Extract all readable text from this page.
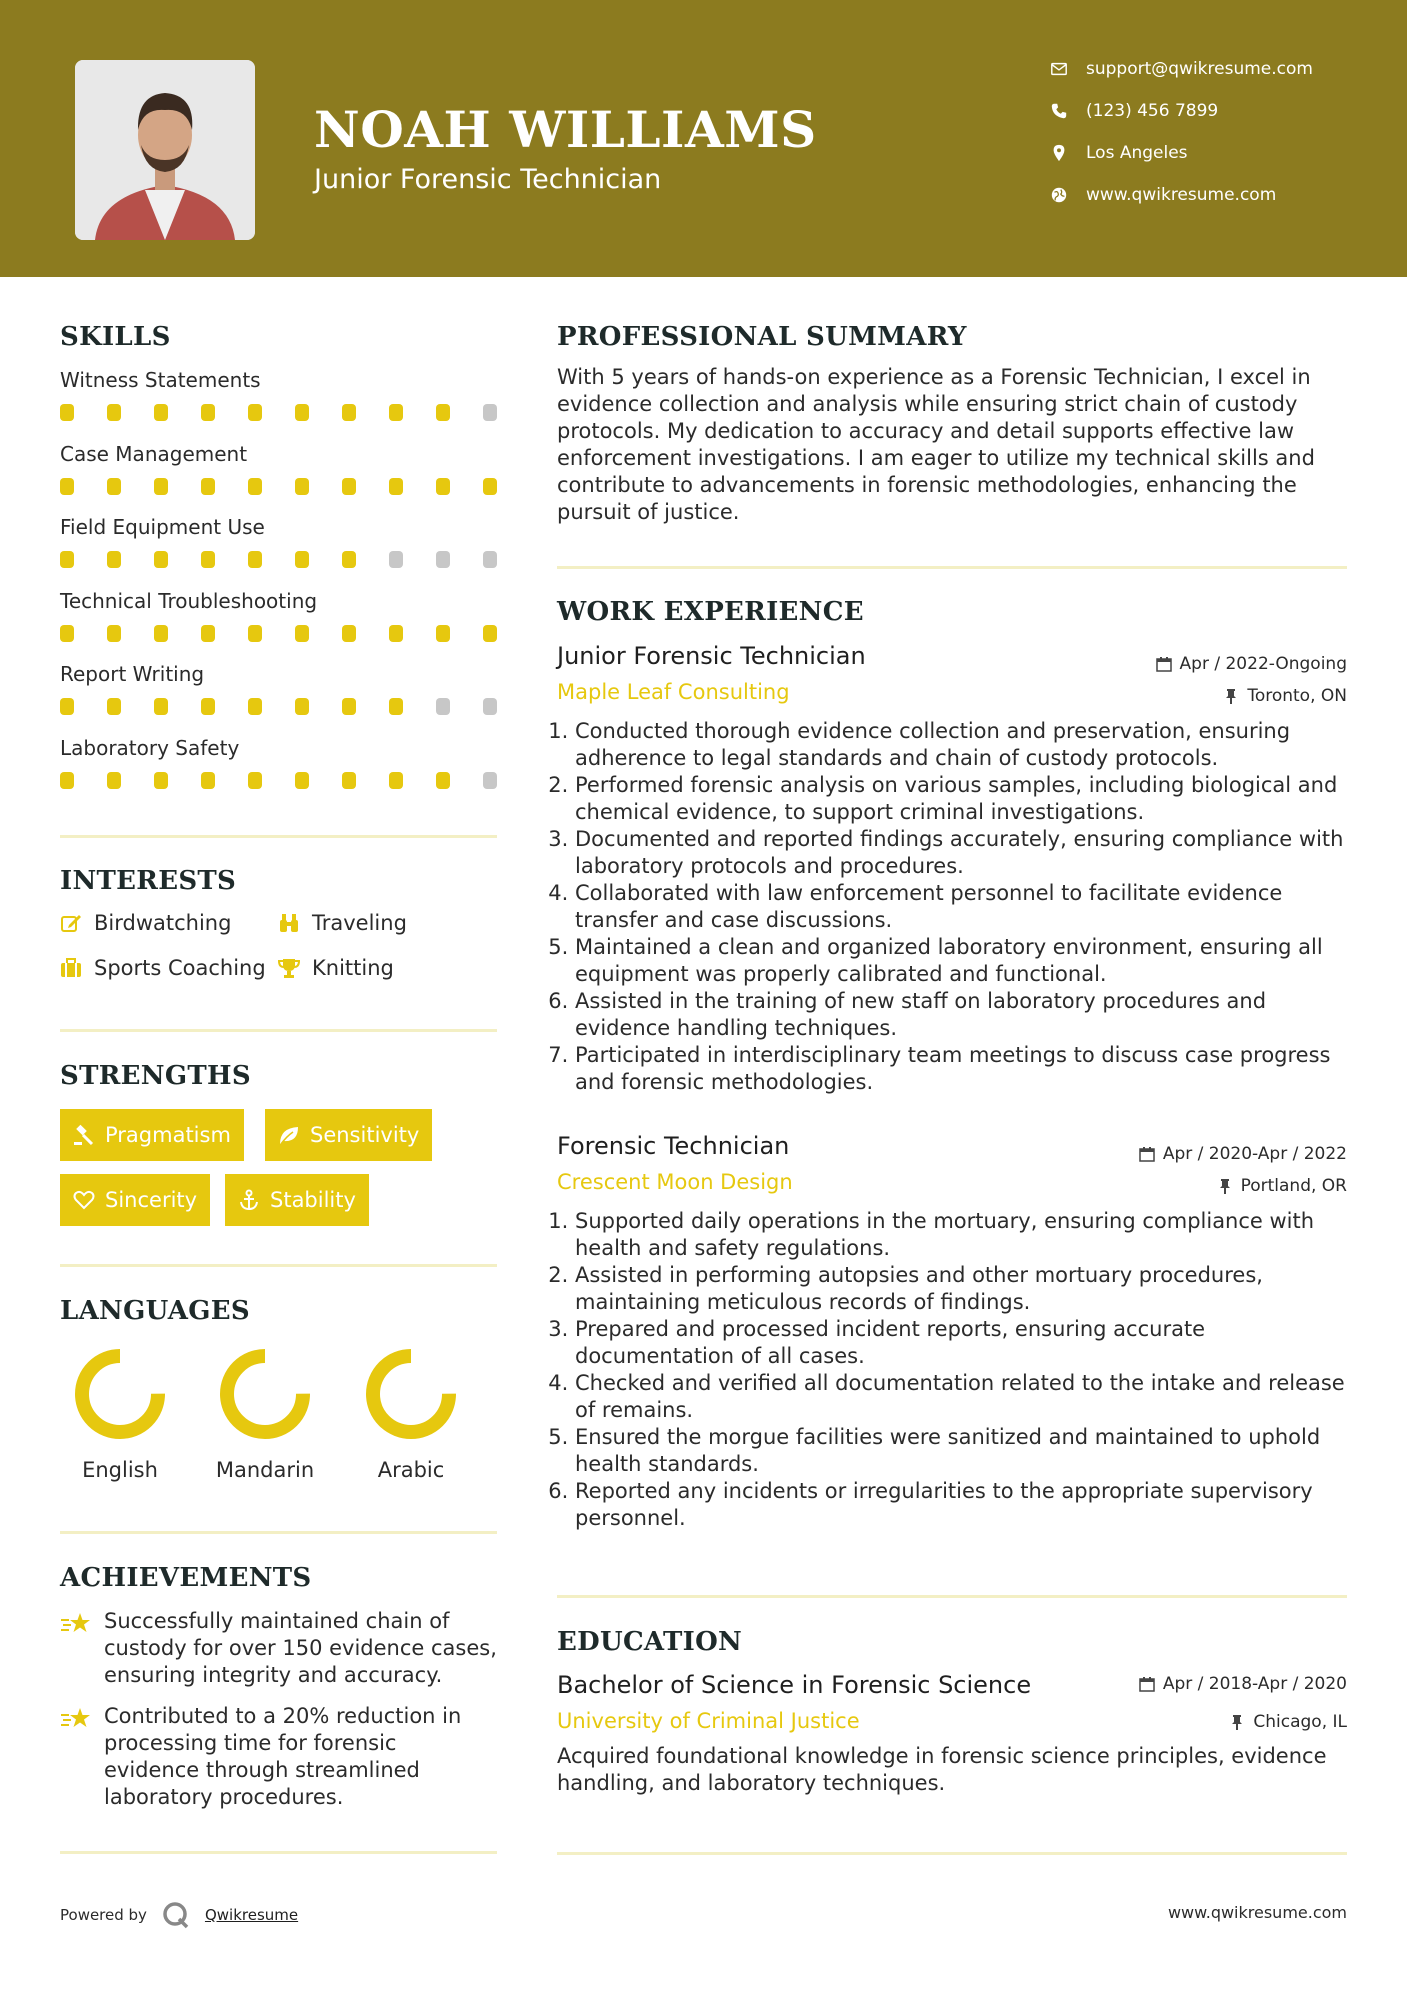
NOAH WILLIAMS
Junior Forensic Technician
support@qwikresume.com
(123) 456 7899
Los Angeles
www.qwikresume.com
SKILLS
Witness Statements
Case Management
Field Equipment Use
Technical Troubleshooting
Report Writing
Laboratory Safety
INTERESTS
Birdwatching	Traveling
Sports Coaching Knitting
STRENGTHS
Pragmatism	Sensitivity
Sincerity	Stability
LANGUAGES
English	Mandarin	Arabic
ACHIEVEMENTS
Successfully maintained chain of custody for over 150 evidence cases, ensuring integrity and accuracy.
Contributed to a 20% reduction in processing time for forensic evidence through streamlined laboratory procedures.
PROFESSIONAL SUMMARY
With 5 years of hands-on experience as a Forensic Technician, I excel in evidence collection and analysis while ensuring strict chain of custody protocols. My dedication to accuracy and detail supports effective law enforcement investigations. I am eager to utilize my technical skills and contribute to advancements in forensic methodologies, enhancing the pursuit of justice.
WORK EXPERIENCE
Junior Forensic Technician
Maple Leaf Consulting
1. Conducted thorough evidence collection and preservation, ensuring adherence to legal standards and chain of custody protocols.
2. Performed forensic analysis on various samples, including biological and chemical evidence, to support criminal investigations.
3. Documented and reported findings accurately, ensuring compliance with laboratory protocols and procedures.
4. Collaborated with law enforcement personnel to facilitate evidence transfer and case discussions.
5. Maintained a clean and organized laboratory environment, ensuring all equipment was properly calibrated and functional.
6. Assisted in the training of new staff on laboratory procedures and evidence handling techniques.
7. Participated in interdisciplinary team meetings to discuss case progress and forensic methodologies.
Apr / 2022-Ongoing
Toronto, ON
Forensic Technician
Crescent Moon Design
1. Supported daily operations in the mortuary, ensuring compliance with health and safety regulations.
2. Assisted in performing autopsies and other mortuary procedures, maintaining meticulous records of findings.
3. Prepared and processed incident reports, ensuring accurate documentation of all cases.
4. Checked and verified all documentation related to the intake and release of remains.
5. Ensured the morgue facilities were sanitized and maintained to uphold health standards.
6. Reported any incidents or irregularities to the appropriate supervisory personnel.
Apr / 2020-Apr / 2022
Portland, OR
EDUCATION
Bachelor of Science in Forensic Science
University of Criminal Justice
Acquired foundational knowledge in forensic science principles, evidence handling, and laboratory techniques.
Apr / 2018-Apr / 2020
Chicago, IL
Powered by	Qwikresume	www.qwikresume.com
